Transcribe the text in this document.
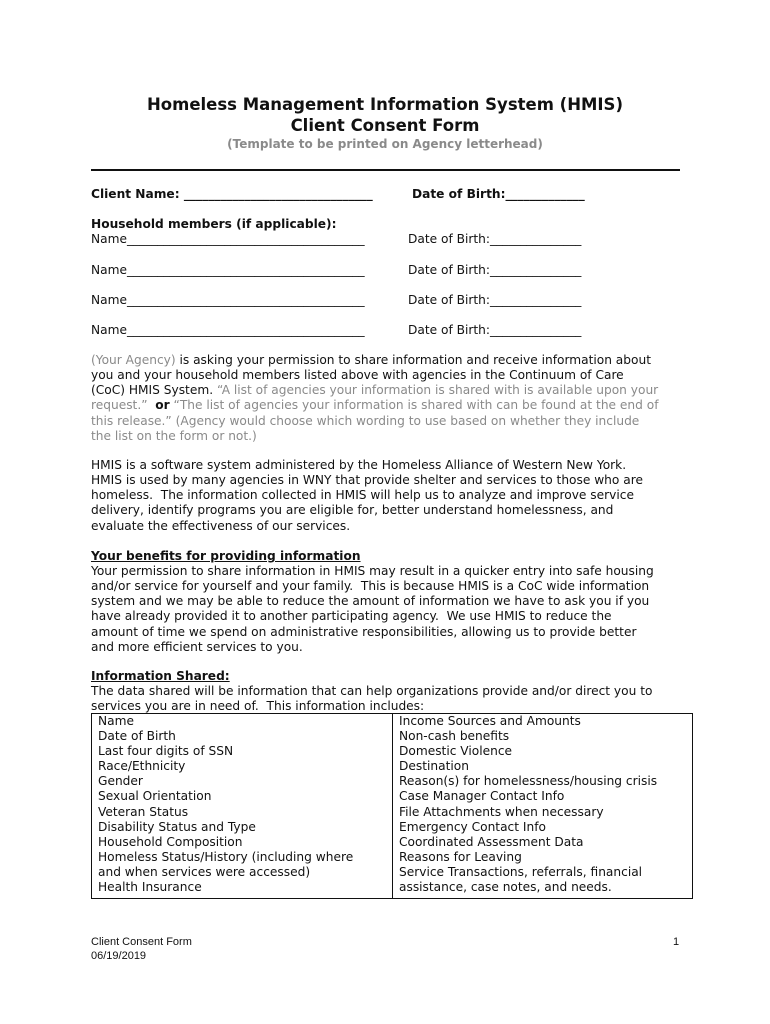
Homeless Management Information System (HMIS)
Client Consent Form
(Template to be printed on Agency letterhead)
Client Name: _______________________________	Date of Birth:_____________
Household members (if applicable):
Name_______________________________________	Date of Birth:_______________
Name_______________________________________	Date of Birth:_______________
Name_______________________________________	Date of Birth:_______________
Name_______________________________________	Date of Birth:_______________
(Your Agency) is asking your permission to share information and receive information about
you and your household members listed above with agencies in the Continuum of Care
(CoC) HMIS System. “A list of agencies your information is shared with is available upon your
request.”  or “The list of agencies your information is shared with can be found at the end of
this release.” (Agency would choose which wording to use based on whether they include
the list on the form or not.)
HMIS is a software system administered by the Homeless Alliance of Western New York.
HMIS is used by many agencies in WNY that provide shelter and services to those who are
homeless.  The information collected in HMIS will help us to analyze and improve service
delivery, identify programs you are eligible for, better understand homelessness, and
evaluate the effectiveness of our services.
Your benefits for providing information
Your permission to share information in HMIS may result in a quicker entry into safe housing
and/or service for yourself and your family.  This is because HMIS is a CoC wide information
system and we may be able to reduce the amount of information we have to ask you if you
have already provided it to another participating agency.  We use HMIS to reduce the
amount of time we spend on administrative responsibilities, allowing us to provide better
and more efficient services to you.
Information Shared:
The data shared will be information that can help organizations provide and/or direct you to
services you are in need of.  This information includes:
Name
Date of Birth
Last four digits of SSN
Race/Ethnicity
Gender
Sexual Orientation
Veteran Status
Disability Status and Type
Household Composition
Homeless Status/History (including where
and when services were accessed)
Health Insurance

Income Sources and Amounts
Non-cash benefits
Domestic Violence
Destination
Reason(s) for homelessness/housing crisis
Case Manager Contact Info
File Attachments when necessary
Emergency Contact Info
Coordinated Assessment Data
Reasons for Leaving
Service Transactions, referrals, financial
assistance, case notes, and needs.
Client Consent Form
06/19/2019
1
